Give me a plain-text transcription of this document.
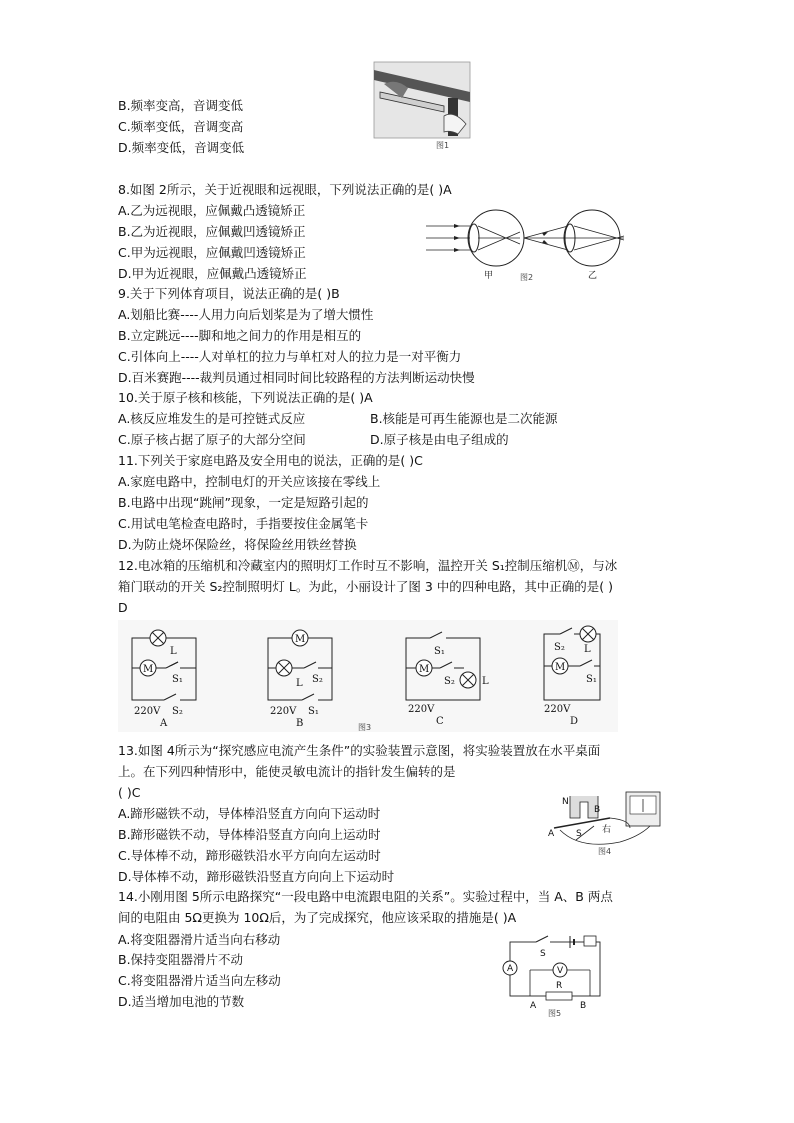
B.频率变高，音调变低
C.频率变低，音调变高
D.频率变低，音调变低	图1
8.如图 2所示，关于近视眼和远视眼，下列说法正确的是( )A
A.乙为远视眼，应佩戴凸透镜矫正
B.乙为近视眼，应佩戴凹透镜矫正
C.甲为远视眼，应佩戴凹透镜矫正
D.甲为近视眼，应佩戴凸透镜矫正	甲	图2	乙
9.关于下列体育项目，说法正确的是( )B
A.划船比赛----人用力向后划桨是为了增大惯性
B.立定跳远----脚和地之间力的作用是相互的
C.引体向上----人对单杠的拉力与单杠对人的拉力是一对平衡力
D.百米赛跑----裁判员通过相同时间比较路程的方法判断运动快慢
10.关于原子核和核能，下列说法正确的是( )A
A.核反应堆发生的是可控链式反应	B.核能是可再生能源也是二次能源
C.原子核占据了原子的大部分空间	D.原子核是由电子组成的
11.下列关于家庭电路及安全用电的说法，正确的是( )C
A.家庭电路中，控制电灯的开关应该接在零线上
B.电路中出现“跳闸”现象，一定是短路引起的
C.用试电笔检查电路时，手指要按住金属笔卡
D.为防止烧坏保险丝，将保险丝用铁丝替换
12.电冰箱的压缩机和冷藏室内的照明灯工作时互不影响，温控开关 S₁控制压缩机Ⓜ，与冰
箱门联动的开关 S₂控制照明灯 L。为此，小丽设计了图 3 中的四种电路，其中正确的是( )
D
L
M
S₁
S₂
220V
A
M
L S₂
S₁
220V
B
S₁
M
S₂	L
220V
C
S₂ L
M
S₁
220V
D
图3
13.如图 4所示为“探究感应电流产生条件”的实验装置示意图，将实验装置放在水平桌面
上。在下列四种情形中，能使灵敏电流计的指针发生偏转的是
( )C
A.蹄形磁铁不动，导体棒沿竖直方向向下运动时
B.蹄形磁铁不动，导体棒沿竖直方向向上运动时
C.导体棒不动，蹄形磁铁沿水平方向向左运动时
D.导体棒不动，蹄形磁铁沿竖直方向向上下运动时
N
A
B
S 右
图4
14.小刚用图 5所示电路探究“一段电路中电流跟电阻的关系”。实验过程中，当 A、B 两点
间的电阻由 5Ω更换为 10Ω后，为了完成探究，他应该采取的措施是( )A
A.将变阻器滑片适当向右移动
B.保持变阻器滑片不动
C.将变阻器滑片适当向左移动
D.适当增加电池的节数
S
A	V
R
A	B
图5
